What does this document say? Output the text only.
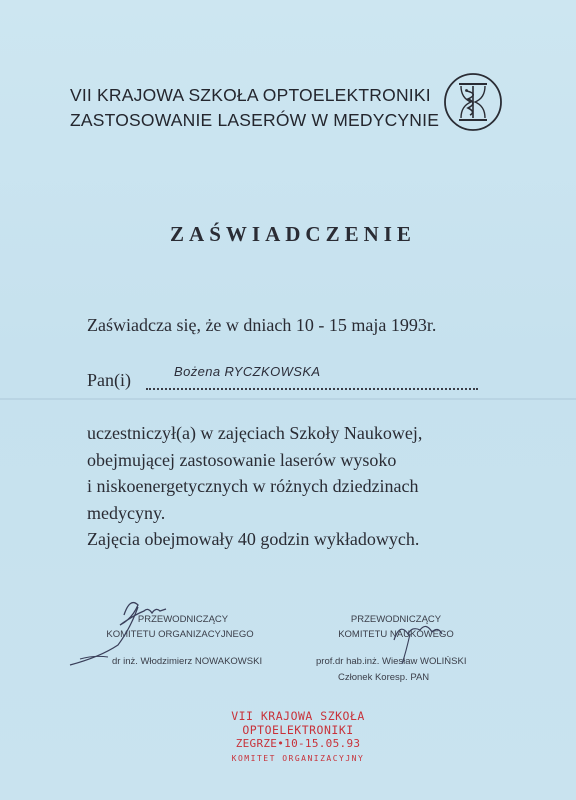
VII KRAJOWA SZKOŁA OPTOELEKTRONIKI
ZASTOSOWANIE LASERÓW W MEDYCYNIE
ZAŚWIADCZENIE
Zaświadcza się, że w dniach 10 - 15 maja 1993r.
Pan(i)	Bożena RYCZKOWSKA
uczestniczył(a) w zajęciach Szkoły Naukowej,
obejmującej zastosowanie laserów wysoko
i niskoenergetycznych w różnych dziedzinach
medycyny.
Zajęcia obejmowały 40 godzin wykładowych.
PRZEWODNICZĄCY
KOMITETU ORGANIZACYJNEGO
dr inż. Włodzimierz NOWAKOWSKI
PRZEWODNICZĄCY
KOMITETU NAUKOWEGO
prof.dr hab.inż. Wiesław WOLIŃSKI
Członek Koresp. PAN
VII KRAJOWA SZKOŁA
OPTOELEKTRONIKI
ZEGRZE•10-15.05.93
KOMITET ORGANIZACYJNY
